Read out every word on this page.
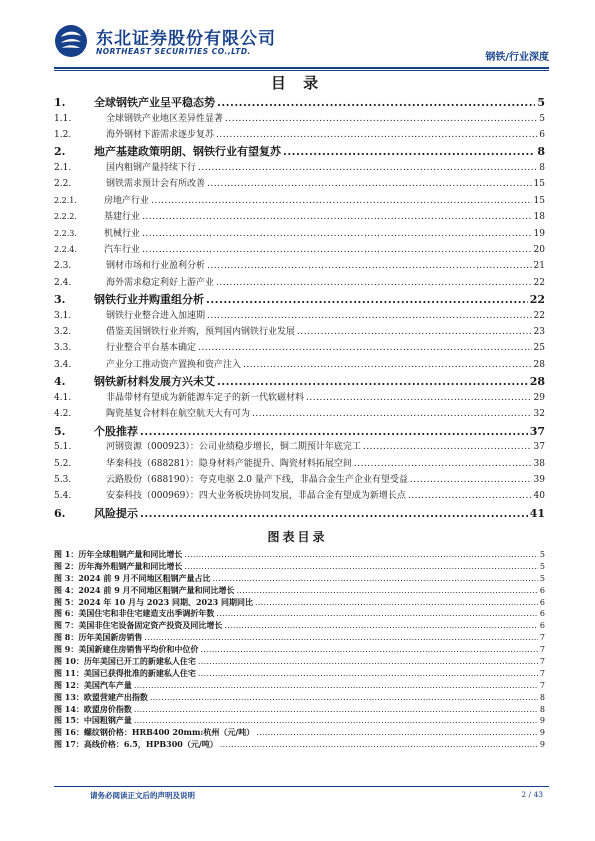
东北证券股份有限公司
NORTHEAST SECURITIES CO.,LTD.
钢铁/行业深度
目 录
1.	全球钢铁产业呈平稳态势 .....	5
1.1.	全球钢铁产业地区差异性显著 .....	5
1.2.	海外钢材下游需求逐步复苏 .....	6
2.	地产基建政策明朗、钢铁行业有望复苏 .....	8
2.1.	国内粗钢产量持续下行 .....	8
2.2.	钢铁需求预计会有所改善 .....	15
2.2.1.	房地产行业 .....	15
2.2.2.	基建行业 .....	18
2.2.3.	机械行业 .....	19
2.2.4.	汽车行业 .....	20
2.3.	钢材市场和行业盈利分析 .....	21
2.4.	海外需求稳定利好上游产业 .....	22
3.	钢铁行业并购重组分析 .....	22
3.1.	钢铁行业整合进入加速期 .....	22
3.2.	借鉴美国钢铁行业并购，预判国内钢铁行业发展 .....	23
3.3.	行业整合平台基本确定 .....	25
3.4.	产业分工推动资产置换和资产注入 .....	28
4.	钢铁新材料发展方兴未艾 .....	28
4.1.	非晶带材有望成为新能源车定子的新一代软磁材料 .....	29
4.2.	陶瓷基复合材料在航空航天大有可为 .....	32
5.	个股推荐 .....	37
5.1.	河钢资源（000923）：公司业绩稳步增长，铜二期预计年底完工 .....	37
5.2.	华秦科技（688281）：隐身材料产能提升、陶瓷材料拓展空间 .....	38
5.3.	云路股份（688190）：夸克电驱 2.0 量产下线，非晶合金生产企业有望受益 .....	39
5.4.	安泰科技（000969）：四大业务板块协同发展，非晶合金有望成为新增长点 .....	40
6.	风险提示 .....	41
图表目录
图 1： 历年全球粗钢产量和同比增长 .....	5
图 2： 历年海外粗钢产量和同比增长 .....	5
图 3： 2024 前 9 月不同地区粗钢产量占比 .....	5
图 4： 2024 前 9 月不同地区粗钢产量和同比增长 .....	6
图 5： 2024 年 10 月与 2023 同期、2023 同期同比 .....	6
图 6： 美国住宅和非住宅建造支出季调折年数 .....	6
图 7： 美国非住宅设备固定资产投资及同比增长 .....	6
图 8： 历年美国新房销售 .....	7
图 9： 美国新建住房销售平均价和中位价 .....	7
图 10： 历年美国已开工的新建私人住宅 .....	7
图 11： 美国已获得批准的新建私人住宅 .....	7
图 12： 美国汽车产量 .....	7
图 13： 欧盟营建产出指数 .....	8
图 14： 欧盟房价指数 .....	8
图 15： 中国粗钢产量 .....	9
图 16： 螺纹钢价格：HRB400 20mm:杭州（元/吨） .....	9
图 17： 高线价格：6.5，HPB300（元/吨） .....	9
请务必阅读正文后的声明及说明	2 / 43
